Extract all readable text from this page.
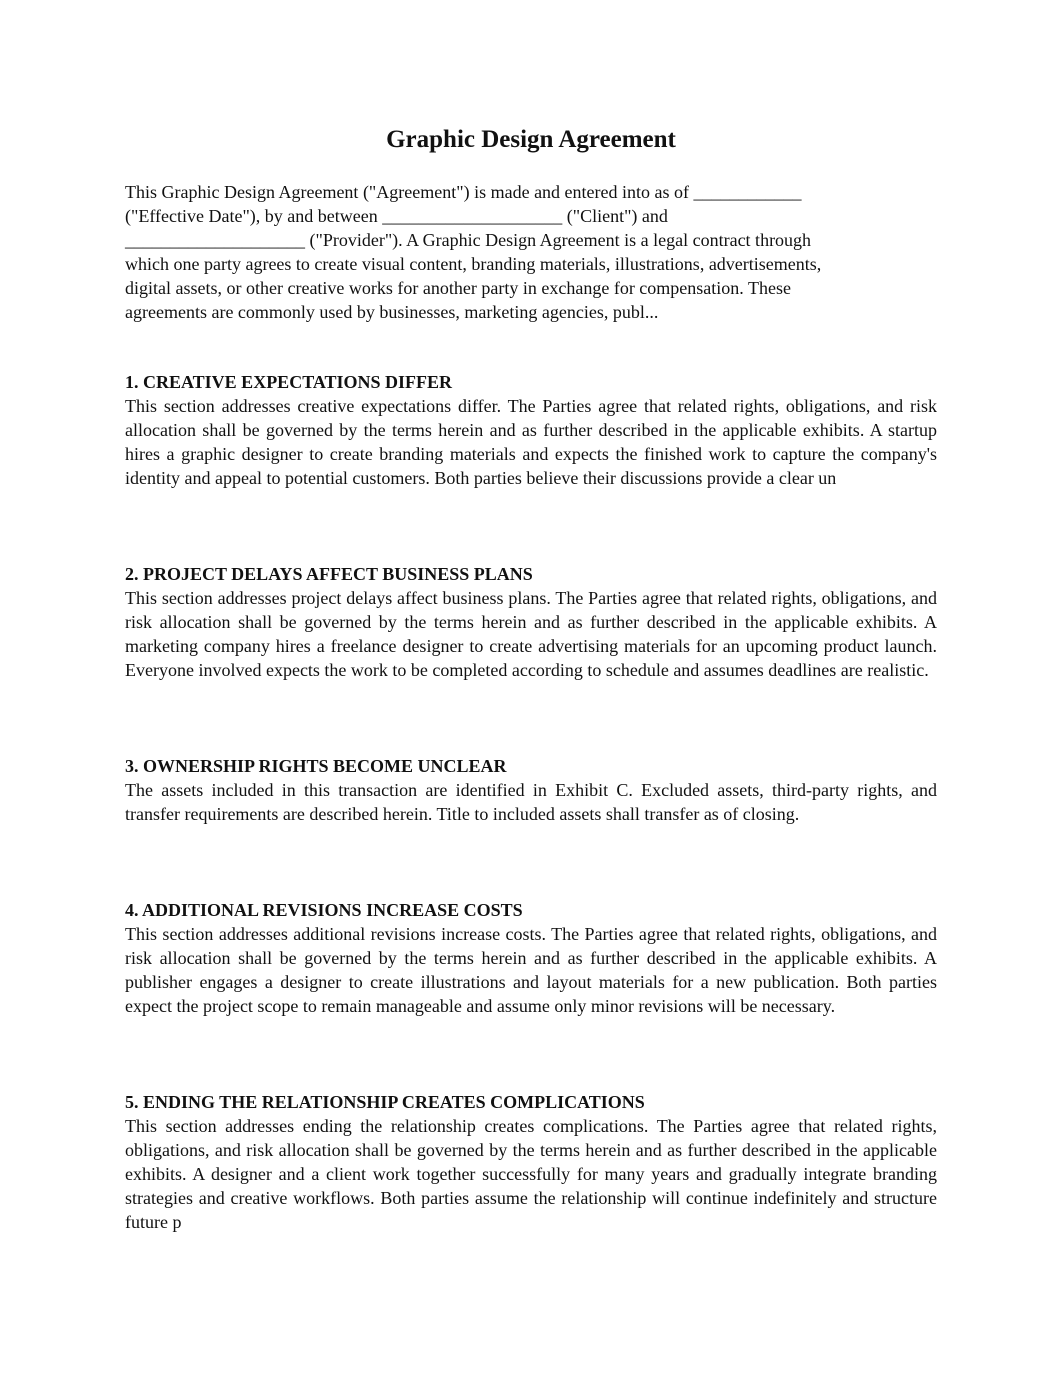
Graphic Design Agreement
This Graphic Design Agreement ("Agreement") is made and entered into as of ____________
("Effective Date"), by and between ____________________ ("Client") and
____________________ ("Provider"). A Graphic Design Agreement is a legal contract through
which one party agrees to create visual content, branding materials, illustrations, advertisements,
digital assets, or other creative works for another party in exchange for compensation. These
agreements are commonly used by businesses, marketing agencies, publ...
1. CREATIVE EXPECTATIONS DIFFER

This section addresses creative expectations differ. The Parties agree that related rights, obligations, and risk allocation shall be governed by the terms herein and as further described in the applicable exhibits. A startup hires a graphic designer to create branding materials and expects the finished work to capture the company's identity and appeal to potential customers. Both parties believe their discussions provide a clear un

2. PROJECT DELAYS AFFECT BUSINESS PLANS

This section addresses project delays affect business plans. The Parties agree that related rights, obligations, and risk allocation shall be governed by the terms herein and as further described in the applicable exhibits. A marketing company hires a freelance designer to create advertising materials for an upcoming product launch. Everyone involved expects the work to be completed according to schedule and assumes deadlines are realistic.

3. OWNERSHIP RIGHTS BECOME UNCLEAR

The assets included in this transaction are identified in Exhibit C. Excluded assets, third-party rights, and transfer requirements are described herein. Title to included assets shall transfer as of closing.

4. ADDITIONAL REVISIONS INCREASE COSTS

This section addresses additional revisions increase costs. The Parties agree that related rights, obligations, and risk allocation shall be governed by the terms herein and as further described in the applicable exhibits. A publisher engages a designer to create illustrations and layout materials for a new publication. Both parties expect the project scope to remain manageable and assume only minor revisions will be necessary.

5. ENDING THE RELATIONSHIP CREATES COMPLICATIONS

This section addresses ending the relationship creates complications. The Parties agree that related rights, obligations, and risk allocation shall be governed by the terms herein and as further described in the applicable exhibits. A designer and a client work together successfully for many years and gradually integrate branding strategies and creative workflows. Both parties assume the relationship will continue indefinitely and structure future p
